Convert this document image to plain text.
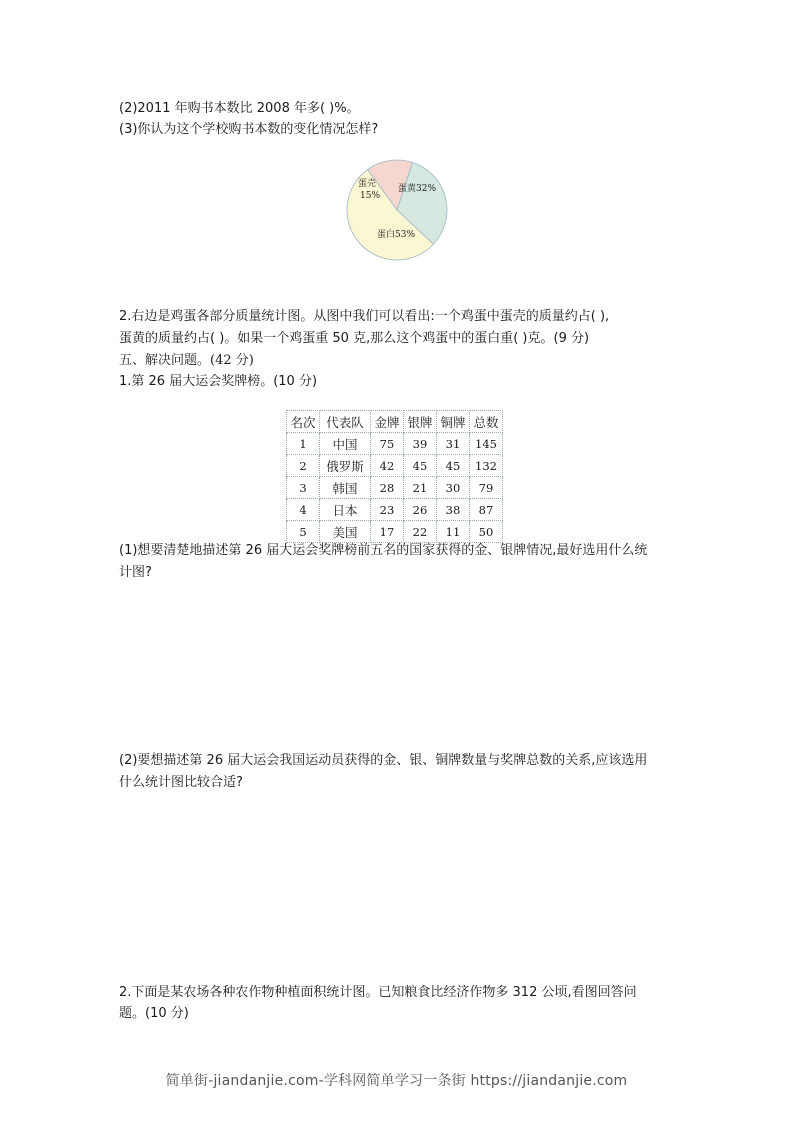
(2)2011 年购书本数比 2008 年多( )%。
(3)你认为这个学校购书本数的变化情况怎样?
蛋黄32%
蛋白53%
蛋壳
15%
2.右边是鸡蛋各部分质量统计图。从图中我们可以看出:一个鸡蛋中蛋壳的质量约占( ),
蛋黄的质量约占( )。如果一个鸡蛋重 50 克,那么这个鸡蛋中的蛋白重( )克。(9 分)
五、解决问题。(42 分)
1.第 26 届大运会奖牌榜。(10 分)
名次	代表队	金牌	银牌	铜牌	总数
1	中国	75	39	31	145
2	俄罗斯	42	45	45	132
3	韩国	28	21	30	79
4	日本	23	26	38	87
5	美国	17	22	11	50
(1)想要清楚地描述第 26 届大运会奖牌榜前五名的国家获得的金、银牌情况,最好选用什么统
计图?
(2)要想描述第 26 届大运会我国运动员获得的金、银、铜牌数量与奖牌总数的关系,应该选用
什么统计图比较合适?
2.下面是某农场各种农作物种植面积统计图。已知粮食比经济作物多 312 公顷,看图回答问
题。(10 分)
简单街-jiandanjie.com-学科网简单学习一条街 https://jiandanjie.com
